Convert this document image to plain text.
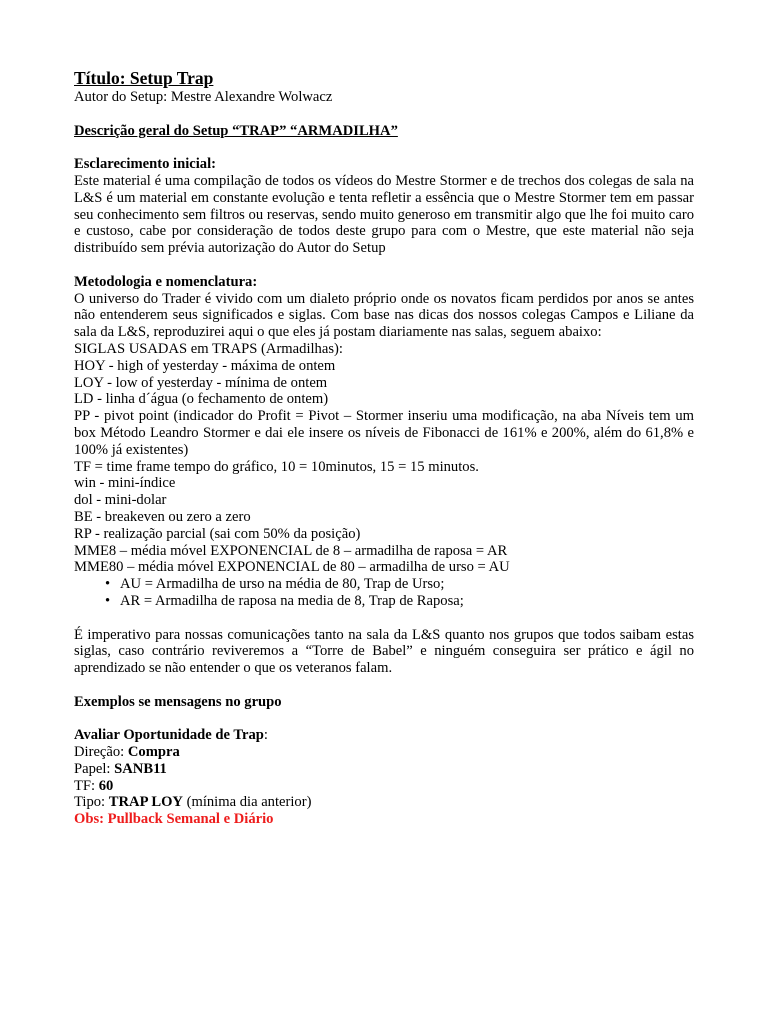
Título: Setup Trap

Autor do Setup: Mestre Alexandre Wolwacz

Descrição geral do Setup “TRAP” “ARMADILHA”

Esclarecimento inicial:

Este material é uma compilação de todos os vídeos do Mestre Stormer e de trechos dos colegas de sala na L&S é um material em constante evolução e tenta refletir a essência que o Mestre Stormer tem em passar seu conhecimento sem filtros ou reservas, sendo muito generoso em transmitir algo que lhe foi muito caro e custoso, cabe por consideração de todos deste grupo para com o Mestre, que este material não seja distribuído sem prévia autorização do Autor do Setup

Metodologia e nomenclatura:

O universo do Trader é vivido com um dialeto próprio onde os novatos ficam perdidos por anos se antes não entenderem seus significados e siglas. Com base nas dicas dos nossos colegas Campos e Liliane da sala da L&S, reproduzirei aqui o que eles já postam diariamente nas salas, seguem abaixo:

SIGLAS USADAS em TRAPS (Armadilhas):

HOY - high of yesterday - máxima de ontem

LOY - low of yesterday - mínima de ontem

LD - linha d´água (o fechamento de ontem)

PP - pivot point (indicador do Profit = Pivot – Stormer inseriu uma modificação, na aba Níveis tem um box Método Leandro Stormer e dai ele insere os níveis de Fibonacci de 161% e 200%, além do 61,8% e 100% já existentes)

TF = time frame tempo do gráfico, 10 = 10minutos, 15 = 15 minutos.

win - mini-índice

dol - mini-dolar

BE - breakeven ou zero a zero

RP - realização parcial (sai com 50% da posição)

MME8 – média móvel EXPONENCIAL de 8 – armadilha de raposa = AR

MME80 – média móvel EXPONENCIAL de 80 – armadilha de urso = AU

• AU = Armadilha de urso na média de 80, Trap de Urso;
• AR = Armadilha de raposa na media de 8, Trap de Raposa;

É imperativo para nossas comunicações tanto na sala da L&S quanto nos grupos que todos saibam estas siglas, caso contrário reviveremos a “Torre de Babel” e ninguém conseguira ser prático e ágil no aprendizado se não entender o que os veteranos falam.

Exemplos se mensagens no grupo

Avaliar Oportunidade de Trap:

Direção: Compra

Papel: SANB11

TF: 60

Tipo: TRAP LOY (mínima dia anterior)

Obs: Pullback Semanal e Diário
